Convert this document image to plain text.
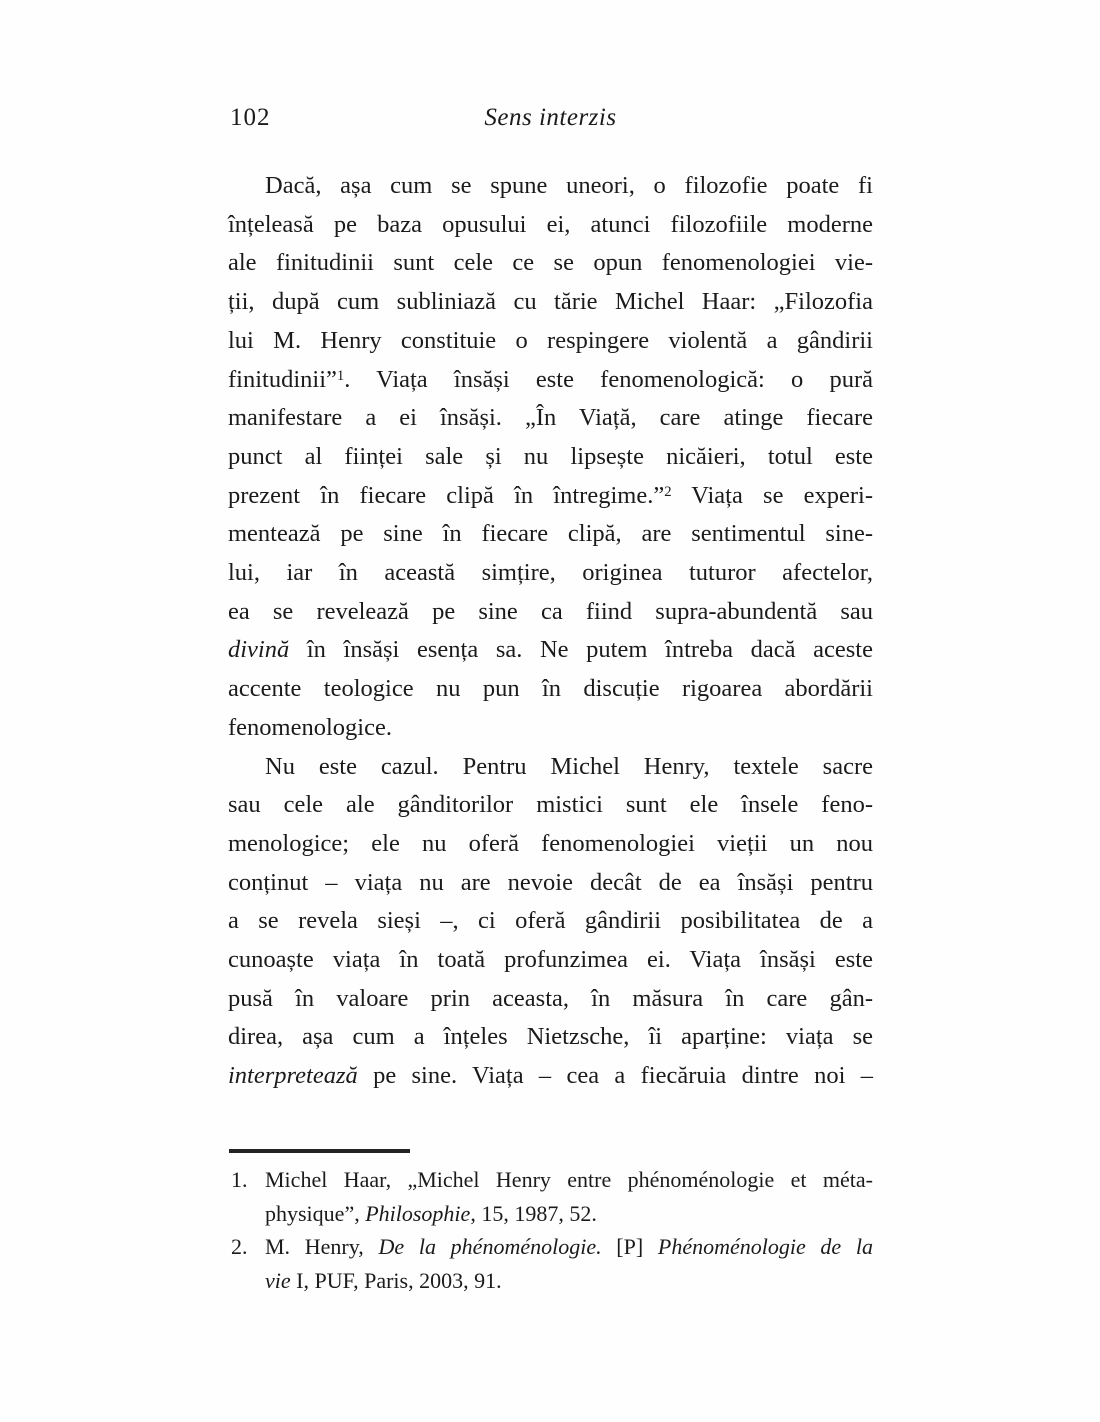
102	Sens interzis
Dacă, așa cum se spune uneori, o filozofie poate fi
înțeleasă pe baza opusului ei, atunci filozofiile moderne
ale finitudinii sunt cele ce se opun fenomenologiei vie-
ții, după cum subliniază cu tărie Michel Haar: „Filozofia
lui M. Henry constituie o respingere violentă a gândirii
finitudinii”$^1$. Viața însăși este fenomenologică: o pură
manifestare a ei însăși. „În Viață, care atinge fiecare
punct al ființei sale și nu lipsește nicăieri, totul este
prezent în fiecare clipă în întregime.”$^2$ Viața se experi-
mentează pe sine în fiecare clipă, are sentimentul sine-
lui, iar în această simțire, originea tuturor afectelor,
ea se revelează pe sine ca fiind supra-abundentă sau
divină în însăși esența sa. Ne putem întreba dacă aceste
accente teologice nu pun în discuție rigoarea abordării
fenomenologice.
Nu este cazul. Pentru Michel Henry, textele sacre
sau cele ale gânditorilor mistici sunt ele însele feno-
menologice; ele nu oferă fenomenologiei vieții un nou
conținut – viața nu are nevoie decât de ea însăși pentru
a se revela sieși –, ci oferă gândirii posibilitatea de a
cunoaște viața în toată profunzimea ei. Viața însăși este
pusă în valoare prin aceasta, în măsura în care gân-
direa, așa cum a înțeles Nietzsche, îi aparține: viața se
interpretează pe sine. Viața – cea a fiecăruia dintre noi –
1. Michel Haar, „Michel Henry entre phénoménologie et méta-
physique”, Philosophie, 15, 1987, 52.
2. M. Henry, De la phénoménologie. [P] Phénoménologie de la
vie I, PUF, Paris, 2003, 91.
